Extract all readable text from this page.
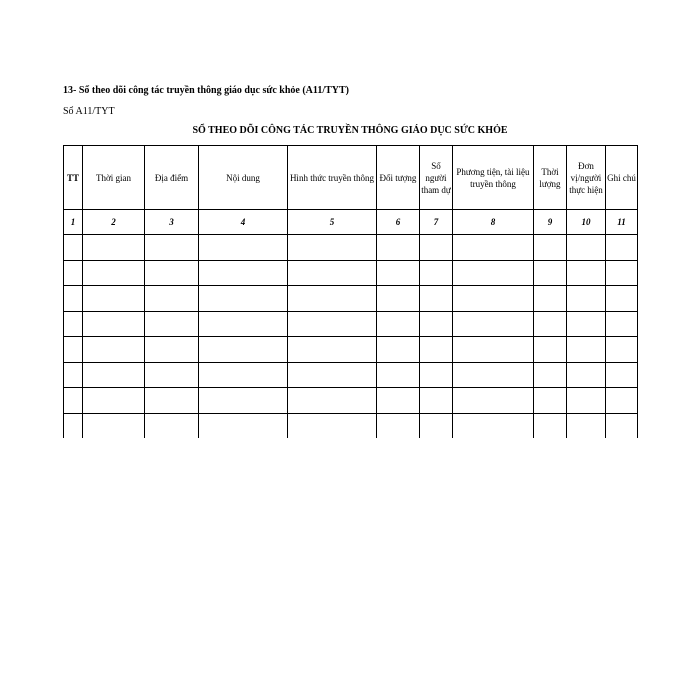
13- Sổ theo dõi công tác truyền thông giáo dục sức khỏe (A11/TYT)
Sổ A11/TYT
SỔ THEO DÕI CÔNG TÁC TRUYỀN THÔNG GIÁO DỤC SỨC KHỎE
TT	Thời gian	Địa điểm	Nội dung	Hình thức truyền thông	Đối tượng	Số người tham dự	Phương tiện, tài liệu truyền thông	Thời lượng	Đơn vị/người thực hiện	Ghi chú
1	2	3	4	5	6	7	8	9	10	11
